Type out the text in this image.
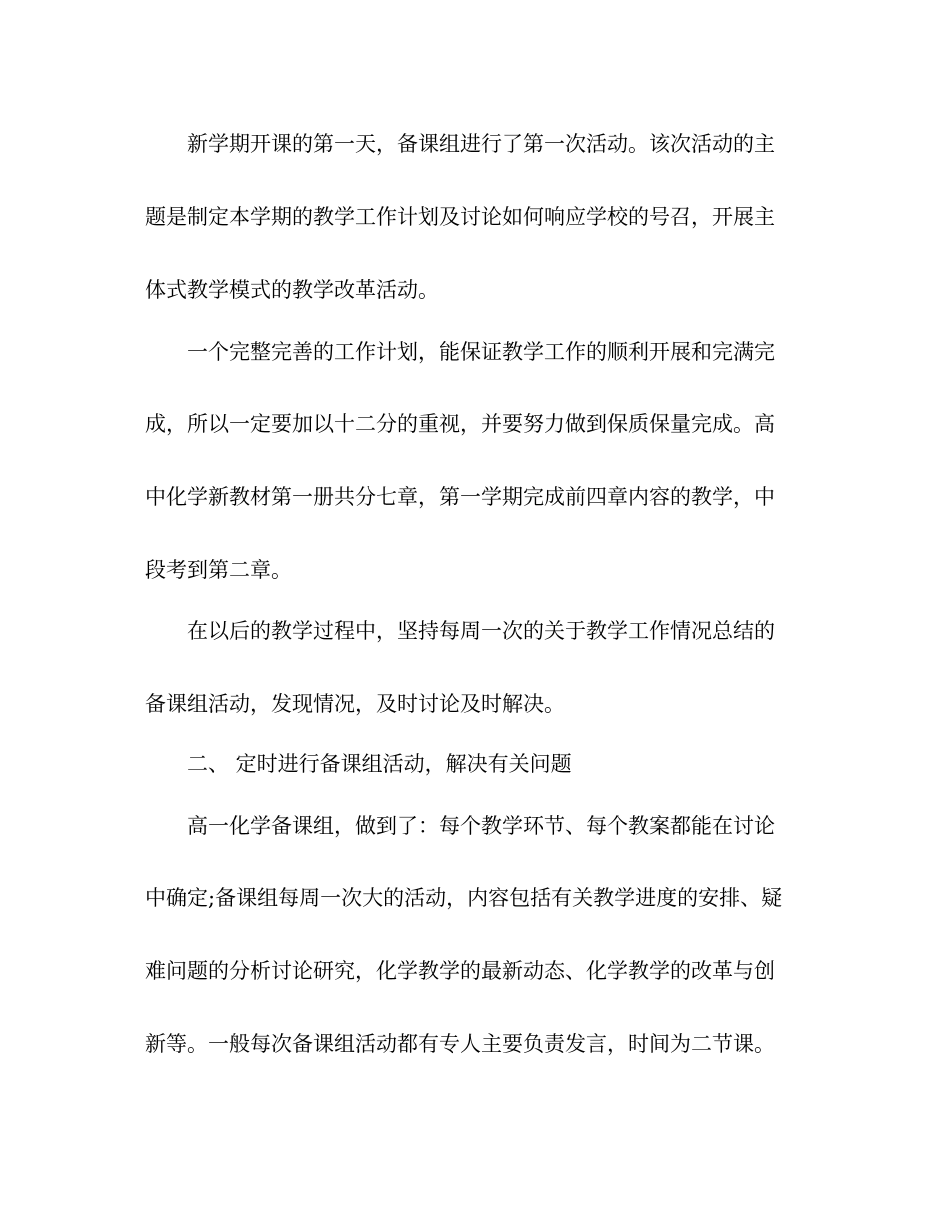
新学期开课的第一天，备课组进行了第一次活动。该次活动的主
题是制定本学期的教学工作计划及讨论如何响应学校的号召，开展主
体式教学模式的教学改革活动。
一个完整完善的工作计划，能保证教学工作的顺利开展和完满完
成，所以一定要加以十二分的重视，并要努力做到保质保量完成。高
中化学新教材第一册共分七章，第一学期完成前四章内容的教学，中
段考到第二章。
在以后的教学过程中，坚持每周一次的关于教学工作情况总结的
备课组活动，发现情况，及时讨论及时解决。
二、 定时进行备课组活动，解决有关问题
高一化学备课组，做到了：每个教学环节、每个教案都能在讨论
中确定;备课组每周一次大的活动，内容包括有关教学进度的安排、疑
难问题的分析讨论研究，化学教学的最新动态、化学教学的改革与创
新等。一般每次备课组活动都有专人主要负责发言，时间为二节课。
